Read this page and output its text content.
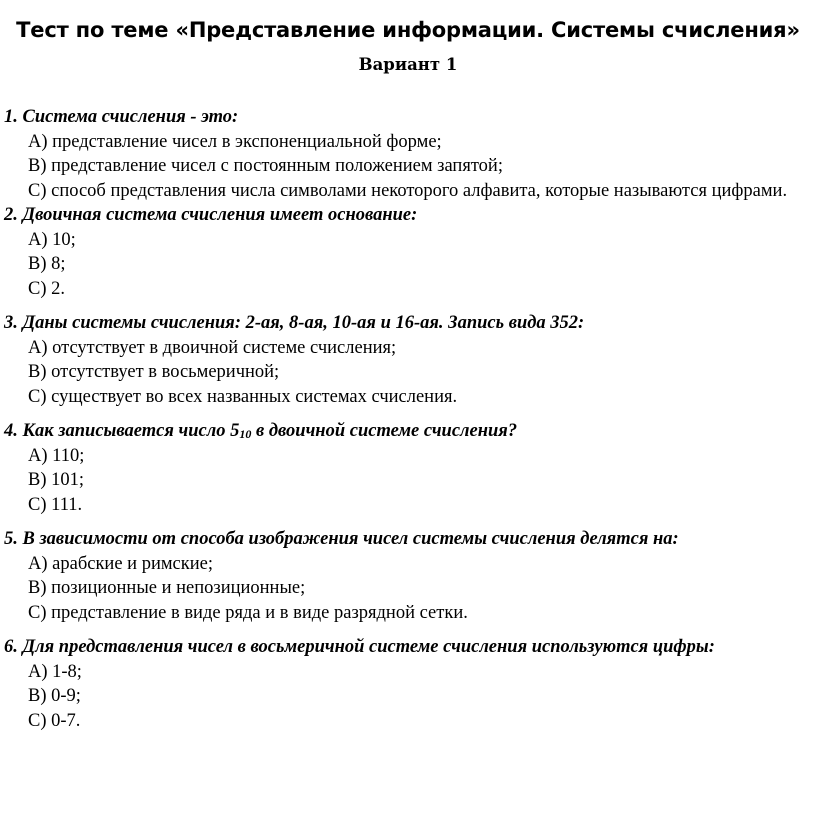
Тест по теме «Представление информации. Системы счисления»
Вариант 1
1. Система счисления - это:
A) представление чисел в экспоненциальной форме;
B) представление чисел с постоянным положением запятой;
C) способ представления числа символами некоторого алфавита, которые называются цифрами.
2. Двоичная система счисления имеет основание:
A) 10;
B) 8;
C) 2.
3. Даны системы счисления: 2-ая, 8-ая, 10-ая и 16-ая. Запись вида 352:
A) отсутствует в двоичной системе счисления;
B) отсутствует в восьмеричной;
C) существует во всех названных системах счисления.
4. Как записывается число $5_{10}$ в двоичной системе счисления?
A) 110;
B) 101;
C) 111.
5. В зависимости от способа изображения чисел системы счисления делятся на:
A) арабские и римские;
B) позиционные и непозиционные;
C) представление в виде ряда и в виде разрядной сетки.
6. Для представления чисел в восьмеричной системе счисления используются цифры:
A) 1-8;
B) 0-9;
C) 0-7.
